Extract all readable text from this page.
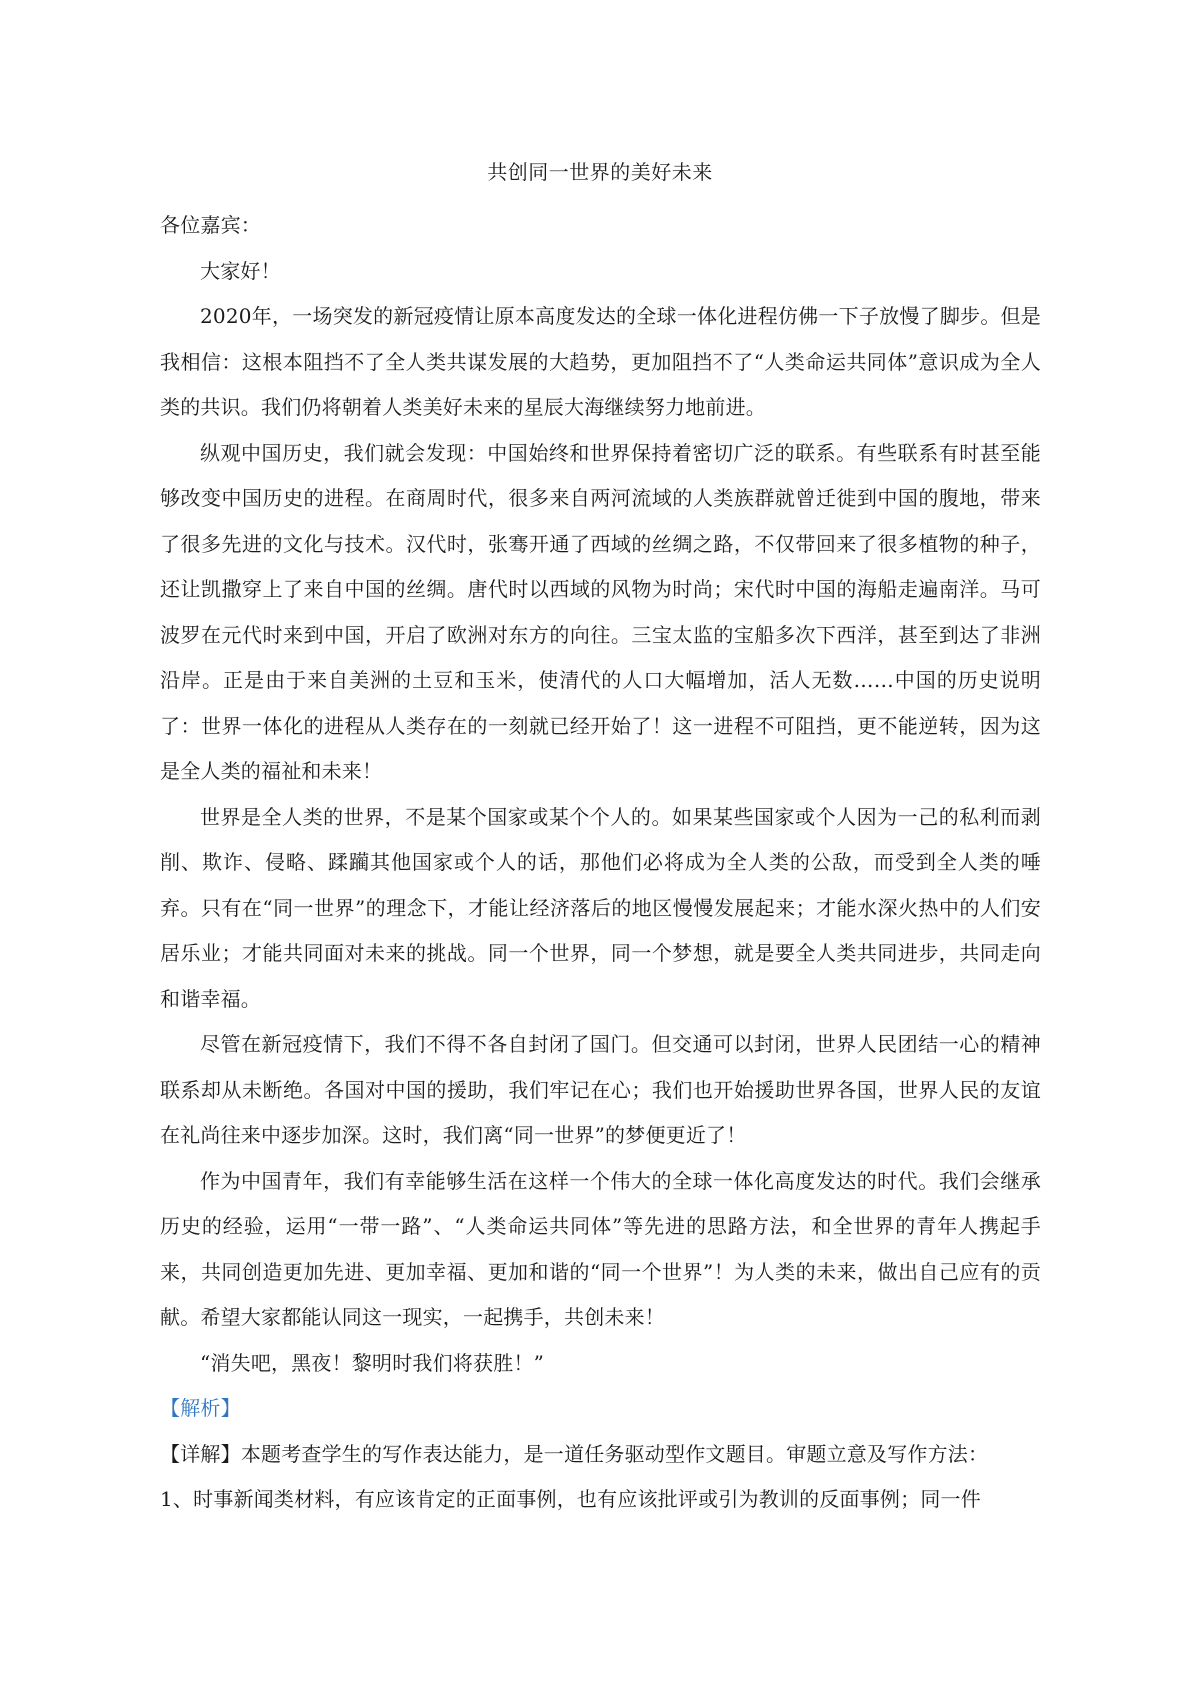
共创同一世界的美好未来

各位嘉宾：

大家好！

2020年，一场突发的新冠疫情让原本高度发达的全球一体化进程仿佛一下子放慢了脚步。但是我相信：这根本阻挡不了全人类共谋发展的大趋势，更加阻挡不了“人类命运共同体”意识成为全人类的共识。我们仍将朝着人类美好未来的星辰大海继续努力地前进。

纵观中国历史，我们就会发现：中国始终和世界保持着密切广泛的联系。有些联系有时甚至能够改变中国历史的进程。在商周时代，很多来自两河流域的人类族群就曾迁徙到中国的腹地，带来了很多先进的文化与技术。汉代时，张骞开通了西域的丝绸之路，不仅带回来了很多植物的种子，还让凯撒穿上了来自中国的丝绸。唐代时以西域的风物为时尚；宋代时中国的海船走遍南洋。马可波罗在元代时来到中国，开启了欧洲对东方的向往。三宝太监的宝船多次下西洋，甚至到达了非洲沿岸。正是由于来自美洲的土豆和玉米，使清代的人口大幅增加，活人无数……中国的历史说明了：世界一体化的进程从人类存在的一刻就已经开始了！这一进程不可阻挡，更不能逆转，因为这是全人类的福祉和未来！

世界是全人类的世界，不是某个国家或某个个人的。如果某些国家或个人因为一己的私利而剥削、欺诈、侵略、蹂躏其他国家或个人的话，那他们必将成为全人类的公敌，而受到全人类的唾弃。只有在“同一世界”的理念下，才能让经济落后的地区慢慢发展起来；才能水深火热中的人们安居乐业；才能共同面对未来的挑战。同一个世界，同一个梦想，就是要全人类共同进步，共同走向和谐幸福。

尽管在新冠疫情下，我们不得不各自封闭了国门。但交通可以封闭，世界人民团结一心的精神联系却从未断绝。各国对中国的援助，我们牢记在心；我们也开始援助世界各国，世界人民的友谊在礼尚往来中逐步加深。这时，我们离“同一世界”的梦便更近了！

作为中国青年，我们有幸能够生活在这样一个伟大的全球一体化高度发达的时代。我们会继承历史的经验，运用“一带一路”、“人类命运共同体”等先进的思路方法，和全世界的青年人携起手来，共同创造更加先进、更加幸福、更加和谐的“同一个世界”！为人类的未来，做出自己应有的贡献。希望大家都能认同这一现实，一起携手，共创未来！

“消失吧，黑夜！黎明时我们将获胜！”

【解析】

【详解】本题考查学生的写作表达能力，是一道任务驱动型作文题目。审题立意及写作方法：

1、时事新闻类材料，有应该肯定的正面事例，也有应该批评或引为教训的反面事例；同一件
